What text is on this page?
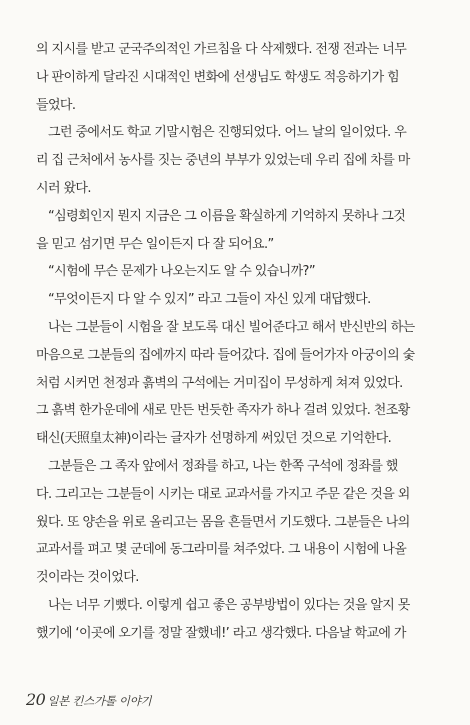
의 지시를 받고 군국주의적인 가르침을 다 삭제했다. 전쟁 전과는 너무
나 판이하게 달라진 시대적인 변화에 선생님도 학생도 적응하기가 힘
들었다.
그런 중에서도 학교 기말시험은 진행되었다. 어느 날의 일이었다. 우
리 집 근처에서 농사를 짓는 중년의 부부가 있었는데 우리 집에 차를 마
시러 왔다.
“심령회인지 뭔지 지금은 그 이름을 확실하게 기억하지 못하나 그것
을 믿고 섬기면 무슨 일이든지 다 잘 되어요.”
“시험에 무슨 문제가 나오는지도 알 수 있습니까?”
“무엇이든지 다 알 수 있지” 라고 그들이 자신 있게 대답했다.
나는 그분들이 시험을 잘 보도록 대신 빌어준다고 해서 반신반의 하는
마음으로 그분들의 집에까지 따라 들어갔다. 집에 들어가자 아궁이의 숯
처럼 시커먼 천정과 흙벽의 구석에는 거미집이 무성하게 쳐져 있었다.
그 흙벽 한가운데에 새로 만든 번듯한 족자가 하나 걸려 있었다. 천조황
태신(天照皇太神)이라는 글자가 선명하게 써있던 것으로 기억한다.
그분들은 그 족자 앞에서 정좌를 하고, 나는 한쪽 구석에 정좌를 했
다. 그리고는 그분들이 시키는 대로 교과서를 가지고 주문 같은 것을 외
웠다. 또 양손을 위로 올리고는 몸을 흔들면서 기도했다. 그분들은 나의
교과서를 펴고 몇 군데에 동그라미를 쳐주었다. 그 내용이 시험에 나올
것이라는 것이었다.
나는 너무 기뻤다. 이렇게 쉽고 좋은 공부방법이 있다는 것을 알지 못
했기에 ‘이곳에 오기를 정말 잘했네!’ 라고 생각했다. 다음날 학교에 가
20 일본 킨스가톨 이야기
